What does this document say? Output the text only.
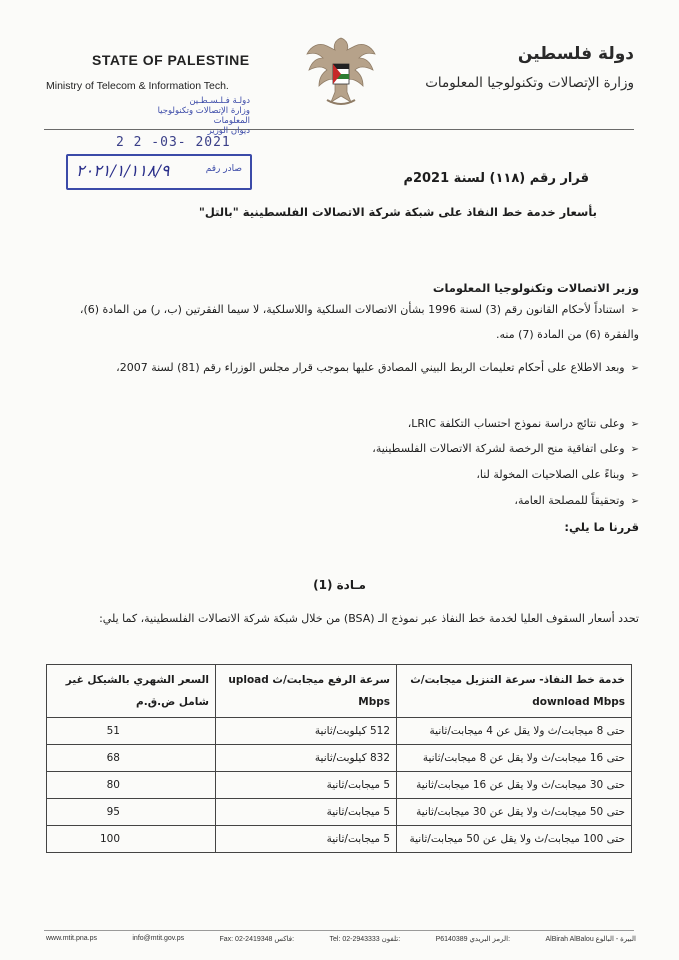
STATE OF PALESTINE
Ministry of Telecom & Information Tech.
دولة فلسطين
وزارة الإتصالات وتكنولوجيا المعلومات
دولـة فـلـسـطـين
وزارة الإتصالات وتكنولوجيا المعلومات
ديوان الوزير
2 2 -03- 2021
صادر رقم
٢٠٢١/١/١١٨/٩	قرار رقم (١١٨) لسنة 2021م
بأسعار خدمة خط النفاذ على شبكة شركة الاتصالات الفلسطينية "بالتل"
وزير الاتصالات وتكنولوجيا المعلومات
➢استناداً لأحكام القانون رقم (3) لسنة 1996 بشأن الاتصالات السلكية واللاسلكية، لا سيما الفقرتين (ب، ر) من المادة (6)، والفقرة (6) من المادة (7) منه.
➢وبعد الاطلاع على أحكام تعليمات الربط البيني المصادق عليها بموجب قرار مجلس الوزراء رقم (81) لسنة 2007،
➢وعلى نتائج دراسة نموذج احتساب التكلفة LRIC،
➢وعلى اتفاقية منح الرخصة لشركة الاتصالات الفلسطينية،
➢وبناءً على الصلاحيات المخولة لنا،
➢وتحقيقاً للمصلحة العامة،
قررنا ما يلي:
مـادة (1)
تحدد أسعار السقوف العليا لخدمة خط النفاذ عبر نموذج الـ (BSA) من خلال شبكة شركة الاتصالات الفلسطينية، كما يلي:
خدمة خط النفاذ- سرعة التنزيل ميجابت/ث download Mbps	سرعة الرفع ميجابت/ث upload Mbps	السعر الشهري بالشيكل غير شامل ض.ق.م
حتى 8 ميجابت/ث ولا يقل عن 4 ميجابت/ثانية	512 كيلوبت/ثانية	51
حتى 16 ميجابت/ث ولا يقل عن 8 ميجابت/ثانية	832 كيلوبت/ثانية	68
حتى 30 ميجابت/ث ولا يقل عن 16 ميجابت/ثانية	5 ميجابت/ثانية	80
حتى 50 ميجابت/ث ولا يقل عن 30 ميجابت/ثانية	5 ميجابت/ثانية	95
حتى 100 ميجابت/ث ولا يقل عن 50 ميجابت/ثانية	5 ميجابت/ثانية	100
www.mtit.pna.ps	info@mtit.gov.ps	Fax: 02-2419348 فاكس:	Tel: 02-2943333 تلفون:	P6140389 الرمز البريدي:	AlBirah AlBalou البيرة - البالوع
